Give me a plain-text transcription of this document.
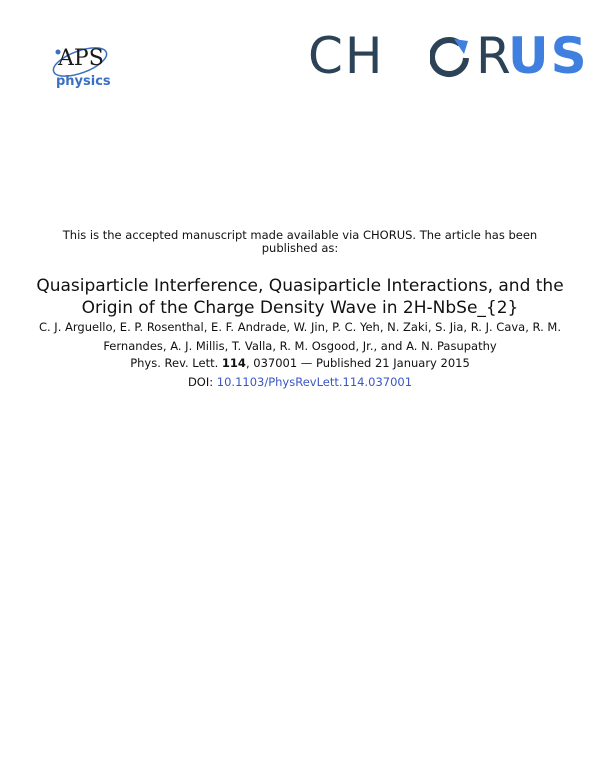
APS
physics	CH R
US
This is the accepted manuscript made available via CHORUS. The article has been published as:
Quasiparticle Interference, Quasiparticle Interactions, and the Origin of the Charge Density Wave in 2H-NbSe_{2}
C. J. Arguello, E. P. Rosenthal, E. F. Andrade, W. Jin, P. C. Yeh, N. Zaki, S. Jia, R. J. Cava, R. M. Fernandes, A. J. Millis, T. Valla, R. M. Osgood, Jr., and A. N. Pasupathy
Phys. Rev. Lett. 114, 037001 — Published 21 January 2015
DOI: 10.1103/PhysRevLett.114.037001
